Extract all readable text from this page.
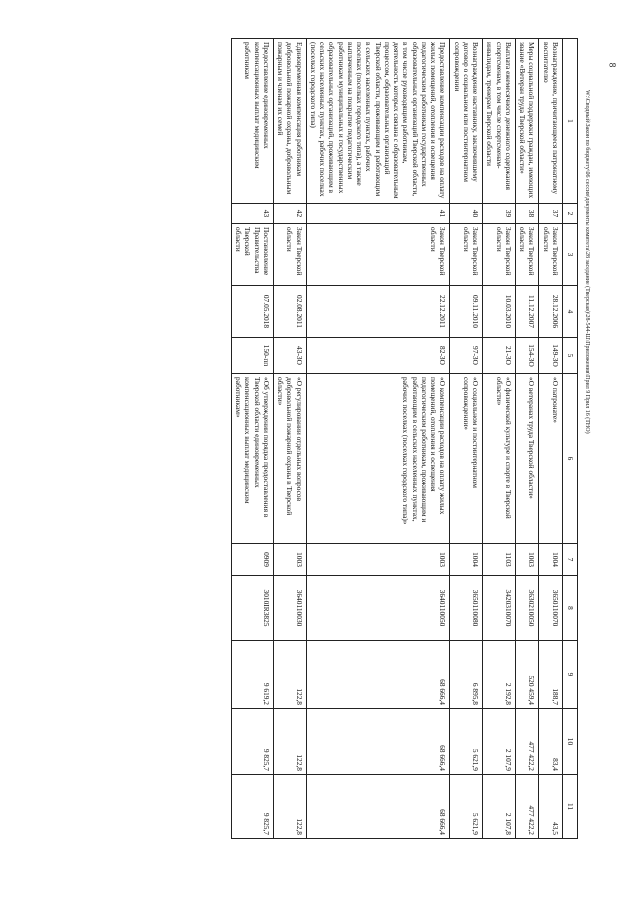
8
1	2	3	4	5	6	7	8	9	10	11
Вознаграждение, причитающееся патронатному воспитателю	37	Закон Тверской области	28.12.2006	149-ЗО	«О патронате»	1004	3650110070	188,7	83,4	43,5
Меры социальной поддержки граждан, имеющих звание «Ветеран труда Тверской области»	38	Закон Тверской области	11.12.2007	154-ЗО	«О ветеранах труда Тверской области»	1003	3630210050	520 459,4	477 422,2	477 422,2
Выплата ежемесячного денежного содержания спортсменам, в том числе спортсменам-инвалидам, тренерам Тверской области	39	Закон Тверской области	10.03.2010	21-ЗО	«О физической культуре и спорте в Тверской области»	1103	3420310070	2 192,8	2 107,9	2 107,8
Вознаграждение наставнику, заключившему договор о социальном или постинтернатном сопровождении	40	Закон Тверской области	09.11.2010	97-ЗО	«О социальном и постинтернатном сопровождении»	1004	3650110080	6 895,8	5 621,9	5 621,9
Предоставление компенсации расходов на оплату жилых помещений, отопления и освещения педагогическим работникам государственных образовательных организаций Тверской области, в том числе руководящим работникам, деятельность которых связана с образовательным процессом, образовательных организаций Тверской области, проживающим и работающим в сельских населенных пунктах, рабочих поселках (поселках городского типа), а также выплаченным на покрытие педагогическим работникам муниципальных и государственных образовательных организаций, проживающим в сельских населенных пунктах, рабочих поселках (поселках городского типа)	41	Закон Тверской области	22.12.2011	82-ЗО	«О компенсации расходов на оплату жилых помещений, отопления и освещения педагогическим работникам, проживающим и работающим в сельских населенных пунктах, рабочих поселках (поселках городского типа)»	1003	3640110050	68 666,4	68 666,4	68 666,4
Единовременная компенсация работникам добровольной пожарной охраны, добровольным пожарным и членам их семей	42	Закон Тверской области	02.08.2011	43-ЗО	«О регулировании отдельных вопросов добровольной пожарной охраны в Тверской области»	1003	3640110030	122,8	122,8	122,8
Предоставление единовременных компенсационных выплат медицинским работникам	43	Постановление Правительства Тверской области	07.05.2018	150-пп	«Об утверждении порядка предоставления в Тверской области единовременных компенсационных выплат медицинским работникам»	0909	3010IR3825	9 619,2	9 825,7	9 825,7
W:\Сводный\Закон по бюджету\06 сессия\документы комитета\28 заседание (Тверская)\28-544-Ш\Приложения\Прил 9 Прил 16 (ТНО)
